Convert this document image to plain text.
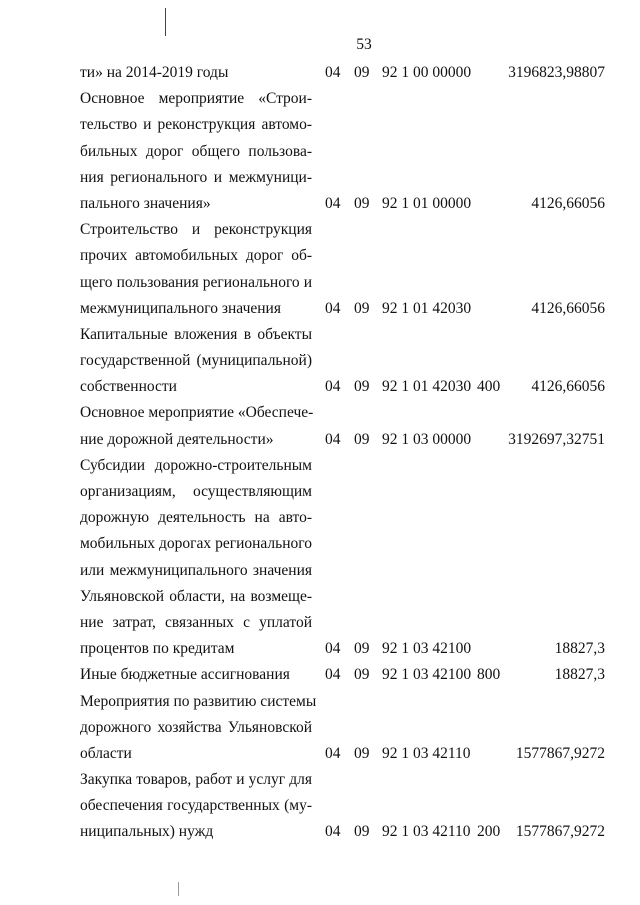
53
ти» на 2014-2019 годы	04 09 92 1 00 00000 3196823,98807
Основное мероприятие «Строи-
тельство и реконструкция автомо-
бильных дорог общего пользова-
ния регионального и межмуници-
пального значения»	04 09 92 1 01 00000	4126,66056
Строительство и реконструкция
прочих автомобильных дорог об-
щего пользования регионального и
межмуниципального значения	04 09 92 1 01 42030	4126,66056
Капитальные вложения в объекты
государственной (муниципальной)
собственности	04 09 92 1 01 42030 400 4126,66056
Основное мероприятие «Обеспече-
ние дорожной деятельности»	04 09 92 1 03 00000 3192697,32751
Субсидии дорожно-строительным
организациям, осуществляющим
дорожную деятельность на авто-
мобильных дорогах регионального
или межмуниципального значения
Ульяновской области, на возмеще-
ние затрат, связанных с уплатой
процентов по кредитам	04 09 92 1 03 42100	18827,3
Иные бюджетные ассигнования	04 09 92 1 03 42100 800	18827,3
Мероприятия по развитию системы
дорожного хозяйства Ульяновской
области	04 09 92 1 03 42110	1577867,9272
Закупка товаров, работ и услуг для
обеспечения государственных (му-
ниципальных) нужд	04 09 92 1 03 42110 200 1577867,9272
